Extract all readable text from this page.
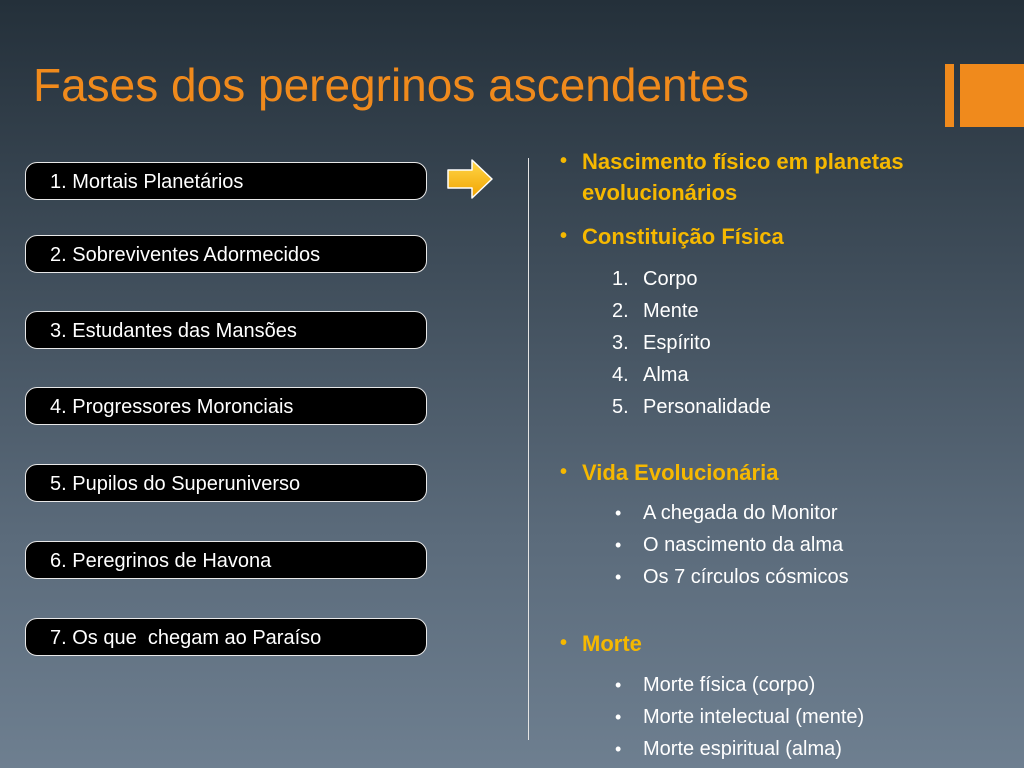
Fases dos peregrinos ascendentes
1. Mortais Planetários
2. Sobreviventes Adormecidos
3. Estudantes das Mansões
4. Progressores Moronciais
5. Pupilos do Superuniverso
6. Peregrinos de Havona
7. Os que  chegam ao Paraíso
• Nascimento físico em planetas evolucionários
• Constituição Física
1. Corpo
2. Mente
3. Espírito
4. Alma
5. Personalidade
• Vida Evolucionária
• A chegada do Monitor
• O nascimento da alma
• Os 7 círculos cósmicos
• Morte
• Morte física (corpo)
• Morte intelectual (mente)
• Morte espiritual (alma)
